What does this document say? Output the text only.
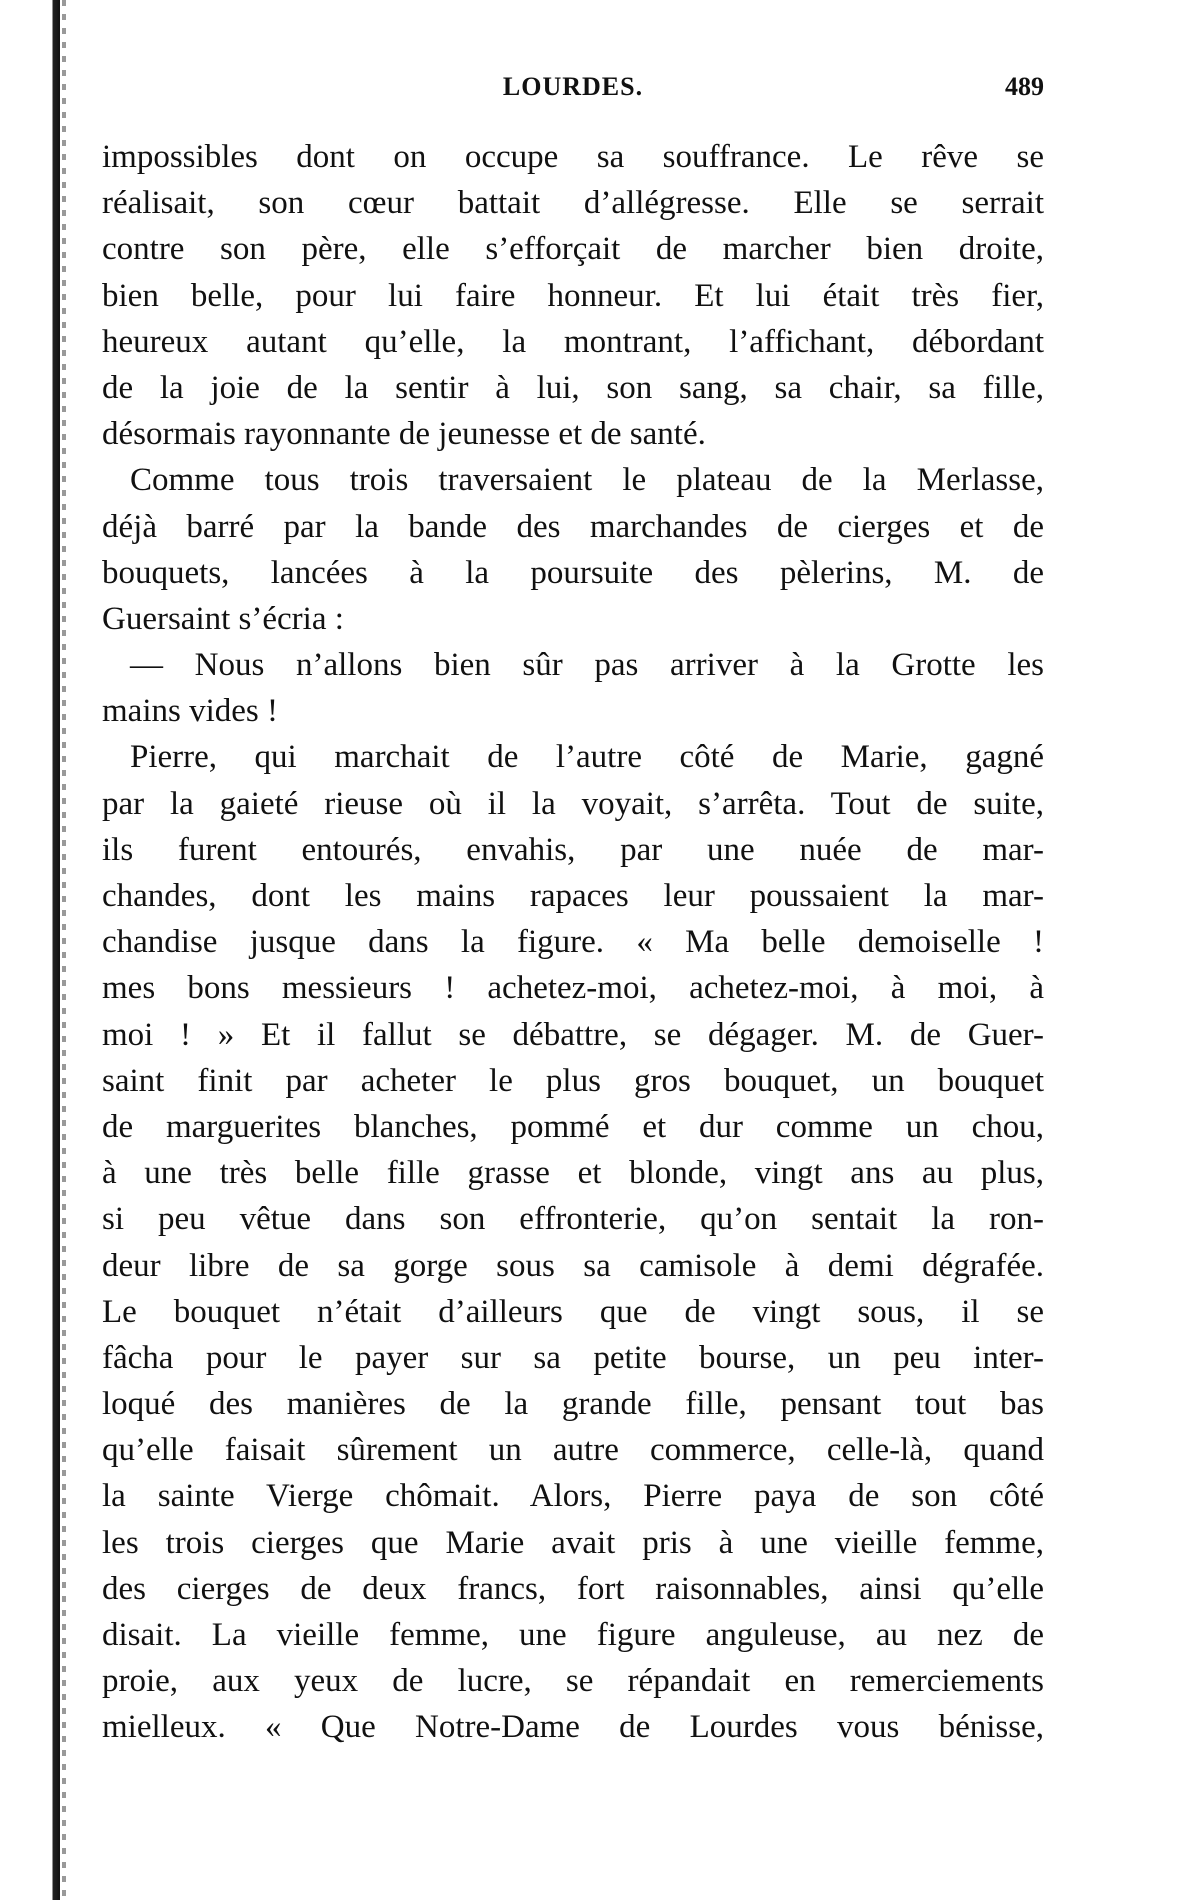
LOURDES.	489
impossibles dont on occupe sa souffrance. Le rêve se
réalisait, son cœur battait d’allégresse. Elle se serrait
contre son père, elle s’efforçait de marcher bien droite,
bien belle, pour lui faire honneur. Et lui était très fier,
heureux autant qu’elle, la montrant, l’affichant, débordant
de la joie de la sentir à lui, son sang, sa chair, sa fille,
désormais rayonnante de jeunesse et de santé.
Comme tous trois traversaient le plateau de la Merlasse,
déjà barré par la bande des marchandes de cierges et de
bouquets, lancées à la poursuite des pèlerins, M. de
Guersaint s’écria :
— Nous n’allons bien sûr pas arriver à la Grotte les
mains vides !
Pierre, qui marchait de l’autre côté de Marie, gagné
par la gaieté rieuse où il la voyait, s’arrêta. Tout de suite,
ils furent entourés, envahis, par une nuée de mar-
chandes, dont les mains rapaces leur poussaient la mar-
chandise jusque dans la figure. « Ma belle demoiselle !
mes bons messieurs ! achetez-moi, achetez-moi, à moi, à
moi ! » Et il fallut se débattre, se dégager. M. de Guer-
saint finit par acheter le plus gros bouquet, un bouquet
de marguerites blanches, pommé et dur comme un chou,
à une très belle fille grasse et blonde, vingt ans au plus,
si peu vêtue dans son effronterie, qu’on sentait la ron-
deur libre de sa gorge sous sa camisole à demi dégrafée.
Le bouquet n’était d’ailleurs que de vingt sous, il se
fâcha pour le payer sur sa petite bourse, un peu inter-
loqué des manières de la grande fille, pensant tout bas
qu’elle faisait sûrement un autre commerce, celle-là, quand
la sainte Vierge chômait. Alors, Pierre paya de son côté
les trois cierges que Marie avait pris à une vieille femme,
des cierges de deux francs, fort raisonnables, ainsi qu’elle
disait. La vieille femme, une figure anguleuse, au nez de
proie, aux yeux de lucre, se répandait en remerciements
mielleux. « Que Notre-Dame de Lourdes vous bénisse,
